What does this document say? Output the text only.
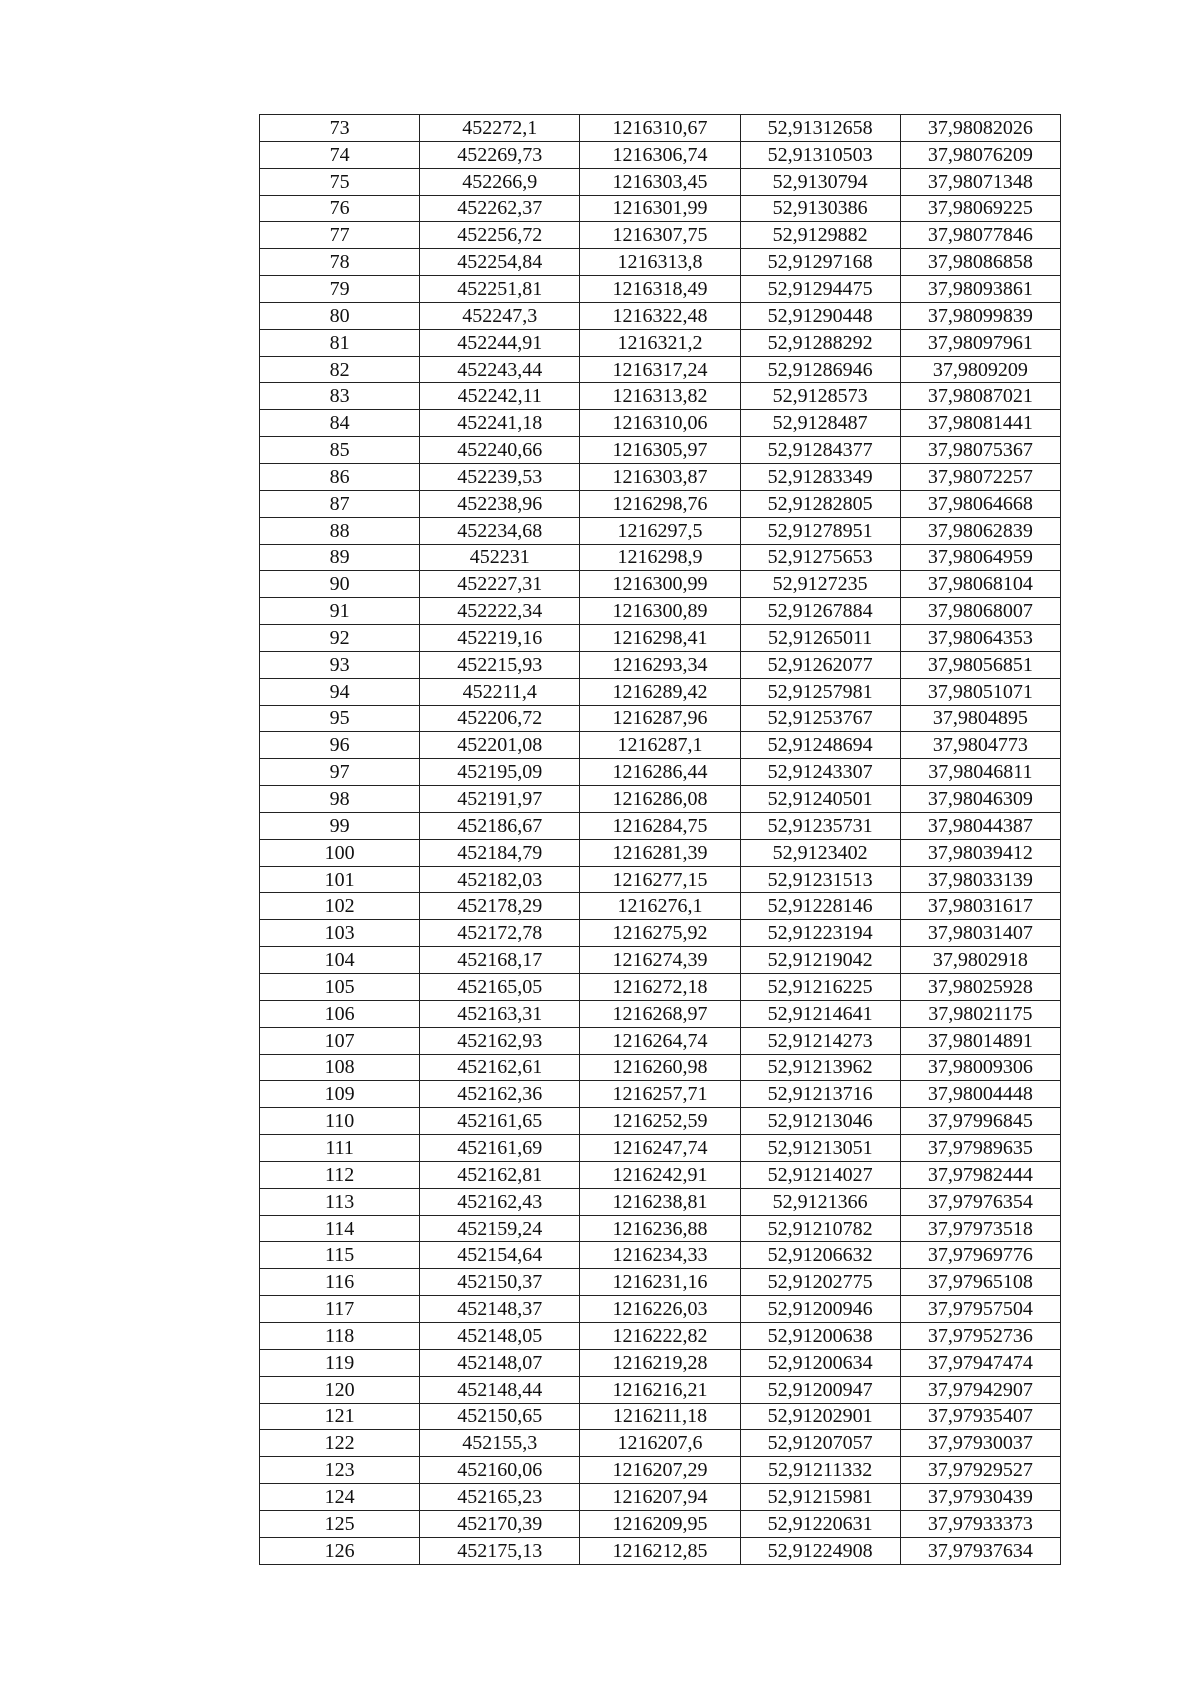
73	452272,1	1216310,67	52,91312658	37,98082026
74	452269,73	1216306,74	52,91310503	37,98076209
75	452266,9	1216303,45	52,9130794	37,98071348
76	452262,37	1216301,99	52,9130386	37,98069225
77	452256,72	1216307,75	52,9129882	37,98077846
78	452254,84	1216313,8	52,91297168	37,98086858
79	452251,81	1216318,49	52,91294475	37,98093861
80	452247,3	1216322,48	52,91290448	37,98099839
81	452244,91	1216321,2	52,91288292	37,98097961
82	452243,44	1216317,24	52,91286946	37,9809209
83	452242,11	1216313,82	52,9128573	37,98087021
84	452241,18	1216310,06	52,9128487	37,98081441
85	452240,66	1216305,97	52,91284377	37,98075367
86	452239,53	1216303,87	52,91283349	37,98072257
87	452238,96	1216298,76	52,91282805	37,98064668
88	452234,68	1216297,5	52,91278951	37,98062839
89	452231	1216298,9	52,91275653	37,98064959
90	452227,31	1216300,99	52,9127235	37,98068104
91	452222,34	1216300,89	52,91267884	37,98068007
92	452219,16	1216298,41	52,91265011	37,98064353
93	452215,93	1216293,34	52,91262077	37,98056851
94	452211,4	1216289,42	52,91257981	37,98051071
95	452206,72	1216287,96	52,91253767	37,9804895
96	452201,08	1216287,1	52,91248694	37,9804773
97	452195,09	1216286,44	52,91243307	37,98046811
98	452191,97	1216286,08	52,91240501	37,98046309
99	452186,67	1216284,75	52,91235731	37,98044387
100	452184,79	1216281,39	52,9123402	37,98039412
101	452182,03	1216277,15	52,91231513	37,98033139
102	452178,29	1216276,1	52,91228146	37,98031617
103	452172,78	1216275,92	52,91223194	37,98031407
104	452168,17	1216274,39	52,91219042	37,9802918
105	452165,05	1216272,18	52,91216225	37,98025928
106	452163,31	1216268,97	52,91214641	37,98021175
107	452162,93	1216264,74	52,91214273	37,98014891
108	452162,61	1216260,98	52,91213962	37,98009306
109	452162,36	1216257,71	52,91213716	37,98004448
110	452161,65	1216252,59	52,91213046	37,97996845
111	452161,69	1216247,74	52,91213051	37,97989635
112	452162,81	1216242,91	52,91214027	37,97982444
113	452162,43	1216238,81	52,9121366	37,97976354
114	452159,24	1216236,88	52,91210782	37,97973518
115	452154,64	1216234,33	52,91206632	37,97969776
116	452150,37	1216231,16	52,91202775	37,97965108
117	452148,37	1216226,03	52,91200946	37,97957504
118	452148,05	1216222,82	52,91200638	37,97952736
119	452148,07	1216219,28	52,91200634	37,97947474
120	452148,44	1216216,21	52,91200947	37,97942907
121	452150,65	1216211,18	52,91202901	37,97935407
122	452155,3	1216207,6	52,91207057	37,97930037
123	452160,06	1216207,29	52,91211332	37,97929527
124	452165,23	1216207,94	52,91215981	37,97930439
125	452170,39	1216209,95	52,91220631	37,97933373
126	452175,13	1216212,85	52,91224908	37,97937634
